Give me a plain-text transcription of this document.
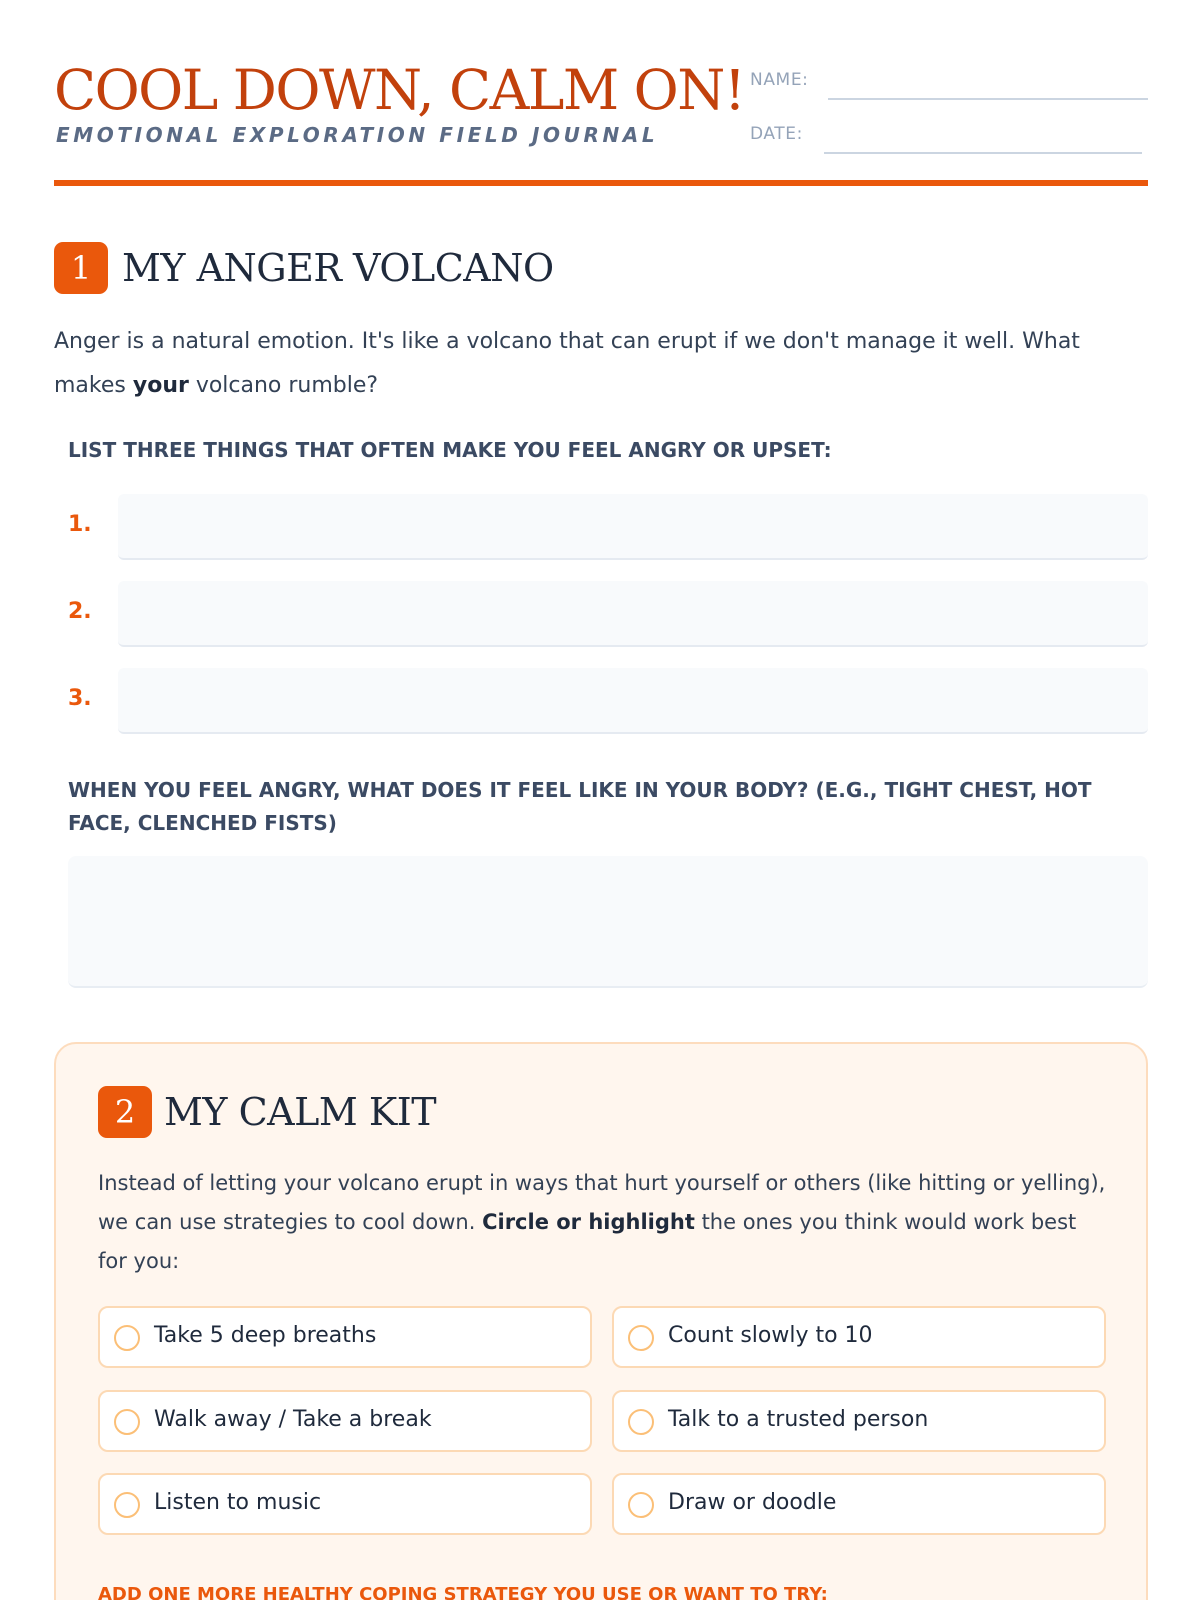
COOL DOWN, CALM ON!
EMOTIONAL EXPLORATION FIELD JOURNAL
NAME:
DATE:
1 MY ANGER VOLCANO

Anger is a natural emotion. It's like a volcano that can erupt if we don't manage it well. What makes your volcano rumble?

LIST THREE THINGS THAT OFTEN MAKE YOU FEEL ANGRY OR UPSET:
1.
2.
3.
WHEN YOU FEEL ANGRY, WHAT DOES IT FEEL LIKE IN YOUR BODY? (E.G., TIGHT CHEST, HOT FACE, CLENCHED FISTS)
2 MY CALM KIT

Instead of letting your volcano erupt in ways that hurt yourself or others (like hitting or yelling), we can use strategies to cool down. Circle or highlight the ones you think would work best for you:

Take 5 deep breaths	Count slowly to 10
Walk away / Take a break	Talk to a trusted person
Listen to music	Draw or doodle
ADD ONE MORE HEALTHY COPING STRATEGY YOU USE OR WANT TO TRY:
